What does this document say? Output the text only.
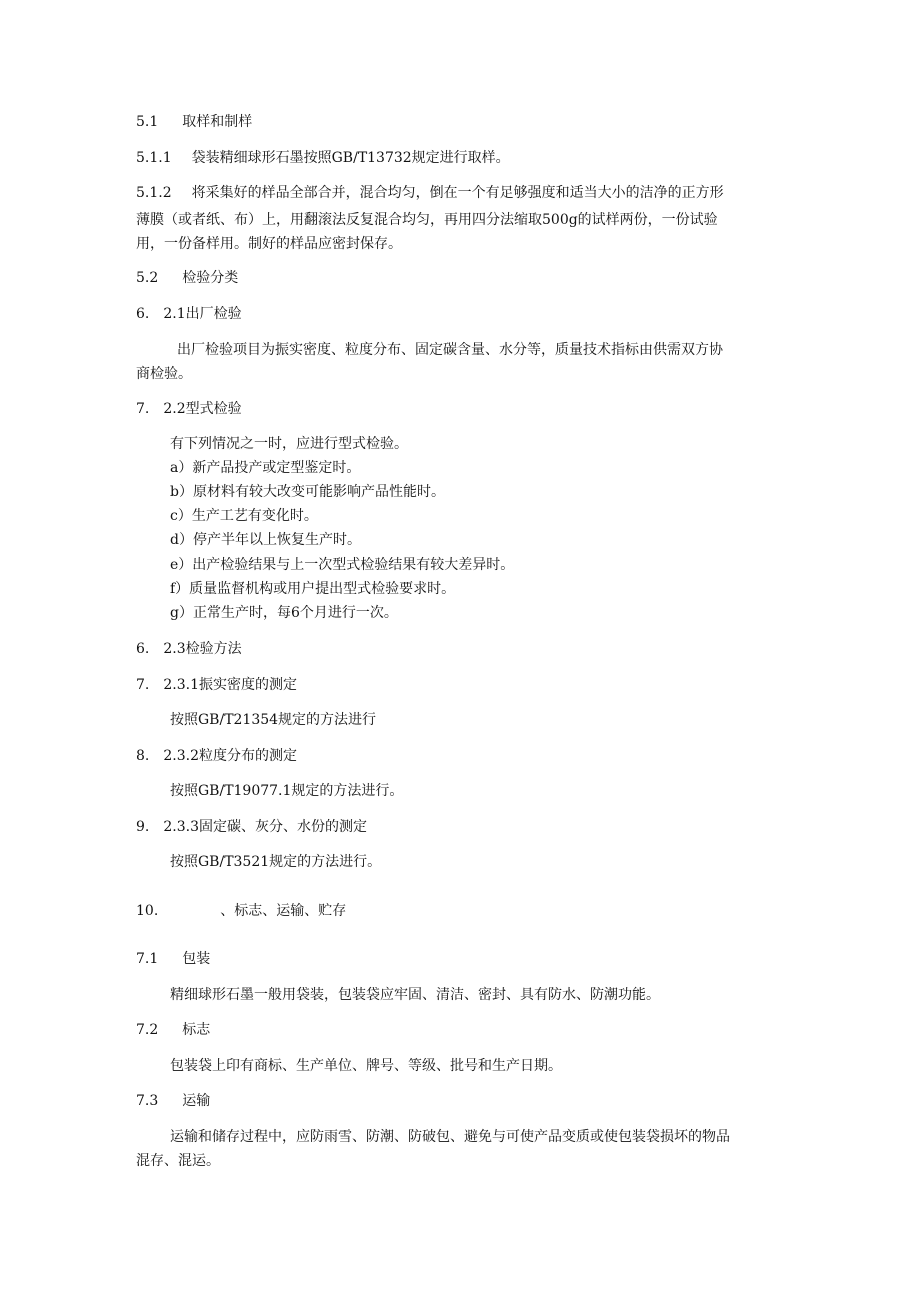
5.1 取样和制样
5.1.1 袋装精细球形石墨按照GB/T13732规定进行取样。
5.1.2 将采集好的样品全部合并，混合均匀，倒在一个有足够强度和适当大小的洁净的正方形
薄膜（或者纸、布）上，用翻滚法反复混合均匀，再用四分法缩取500g的试样两份，一份试验
用，一份备样用。制好的样品应密封保存。
5.2 检验分类
6. 2.1出厂检验
出厂检验项目为振实密度、粒度分布、固定碳含量、水分等，质量技术指标由供需双方协
商检验。
7. 2.2型式检验
有下列情况之一时，应进行型式检验。
a）新产品投产或定型鉴定时。
b）原材料有较大改变可能影响产品性能时。
c）生产工艺有变化时。
d）停产半年以上恢复生产时。
e）出产检验结果与上一次型式检验结果有较大差异时。
f）质量监督机构或用户提出型式检验要求时。
g）正常生产时，每6个月进行一次。
6. 2.3检验方法
7. 2.3.1振实密度的测定
按照GB/T21354规定的方法进行
8. 2.3.2粒度分布的测定
按照GB/T19077.1规定的方法进行。
9. 2.3.3固定碳、灰分、水份的测定
按照GB/T3521规定的方法进行。
10.	、标志、运输、贮存
7.1 包装
精细球形石墨一般用袋装，包装袋应牢固、清洁、密封、具有防水、防潮功能。
7.2 标志
包装袋上印有商标、生产单位、牌号、等级、批号和生产日期。
7.3 运输
运输和储存过程中，应防雨雪、防潮、防破包、避免与可使产品变质或使包装袋损坏的物品
混存、混运。
